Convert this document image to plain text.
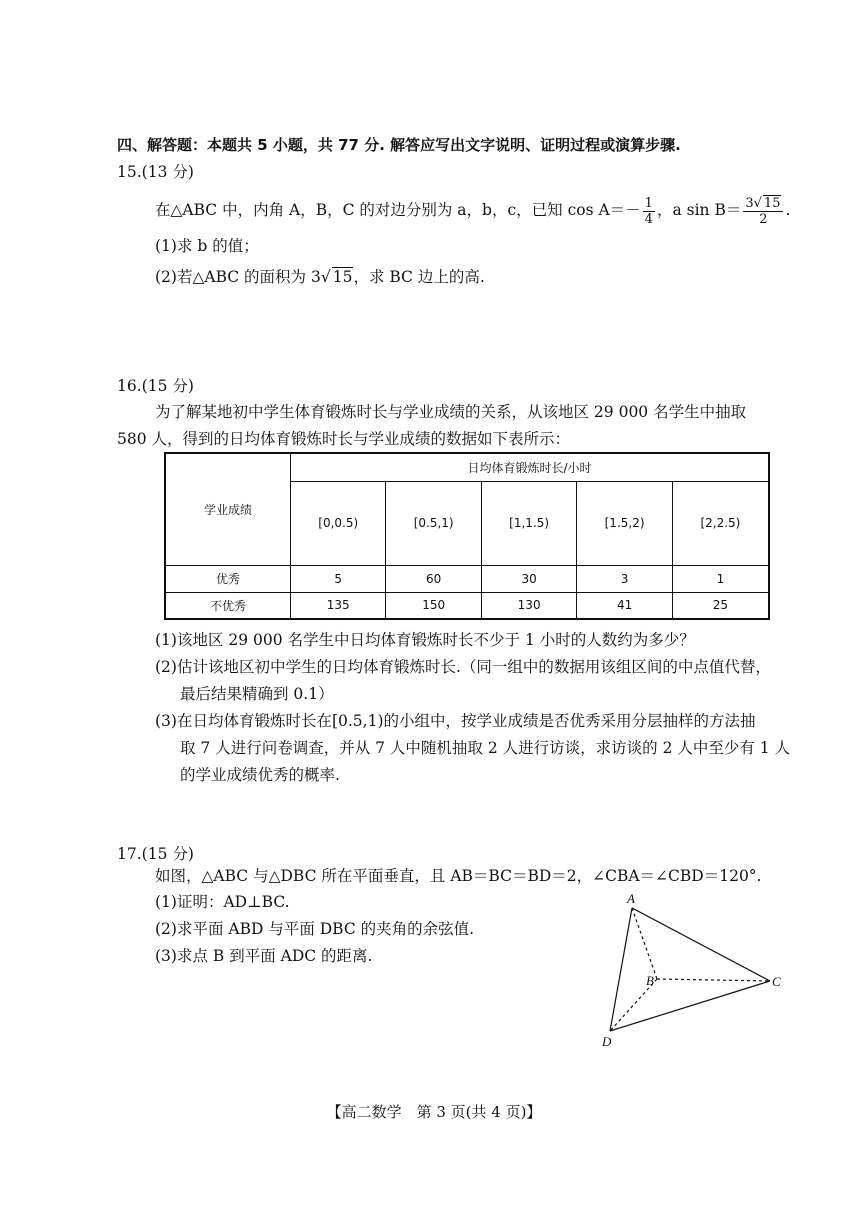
四、解答题：本题共 5 小题，共 77 分. 解答应写出文字说明、证明过程或演算步骤.
15.(13 分)
在△ABC 中，内角 A，B，C 的对边分别为 a，b，c，已知 $\cos A=- \frac{1}{4}$ ，a $\sin B= \frac{3√ 15}{2}$ .
(1)求 b 的值；
(2)若△ABC 的面积为 3√ 15，求 BC 边上的高.
16.(15 分)
为了解某地初中学生体育锻炼时长与学业成绩的关系，从该地区 29 000 名学生中抽取
580 人，得到的日均体育锻炼时长与学业成绩的数据如下表所示：
学业成绩	日均体育锻炼时长/小时				
	[0,0.5)	[0.5,1)	[1,1.5)	[1.5,2)	[2,2.5)
优秀	5	60	30	3	1
不优秀	135	150	130	41	25
(1)该地区 29 000 名学生中日均体育锻炼时长不少于 1 小时的人数约为多少？
(2)估计该地区初中学生的日均体育锻炼时长.（同一组中的数据用该组区间的中点值代替，
最后结果精确到 0.1）
(3)在日均体育锻炼时长在[0.5,1)的小组中，按学业成绩是否优秀采用分层抽样的方法抽
取 7 人进行问卷调查，并从 7 人中随机抽取 2 人进行访谈，求访谈的 2 人中至少有 1 人
的学业成绩优秀的概率.
17.(15 分)
如图，△ABC 与△DBC 所在平面垂直，且 AB＝BC＝BD＝2，∠CBA＝∠CBD＝120°.
(1)证明：AD⊥BC.
(2)求平面 ABD 与平面 DBC 的夹角的余弦值.
(3)求点 B 到平面 ADC 的距离.
A
B	C
D
【高二数学　第 3 页(共 4 页)】
